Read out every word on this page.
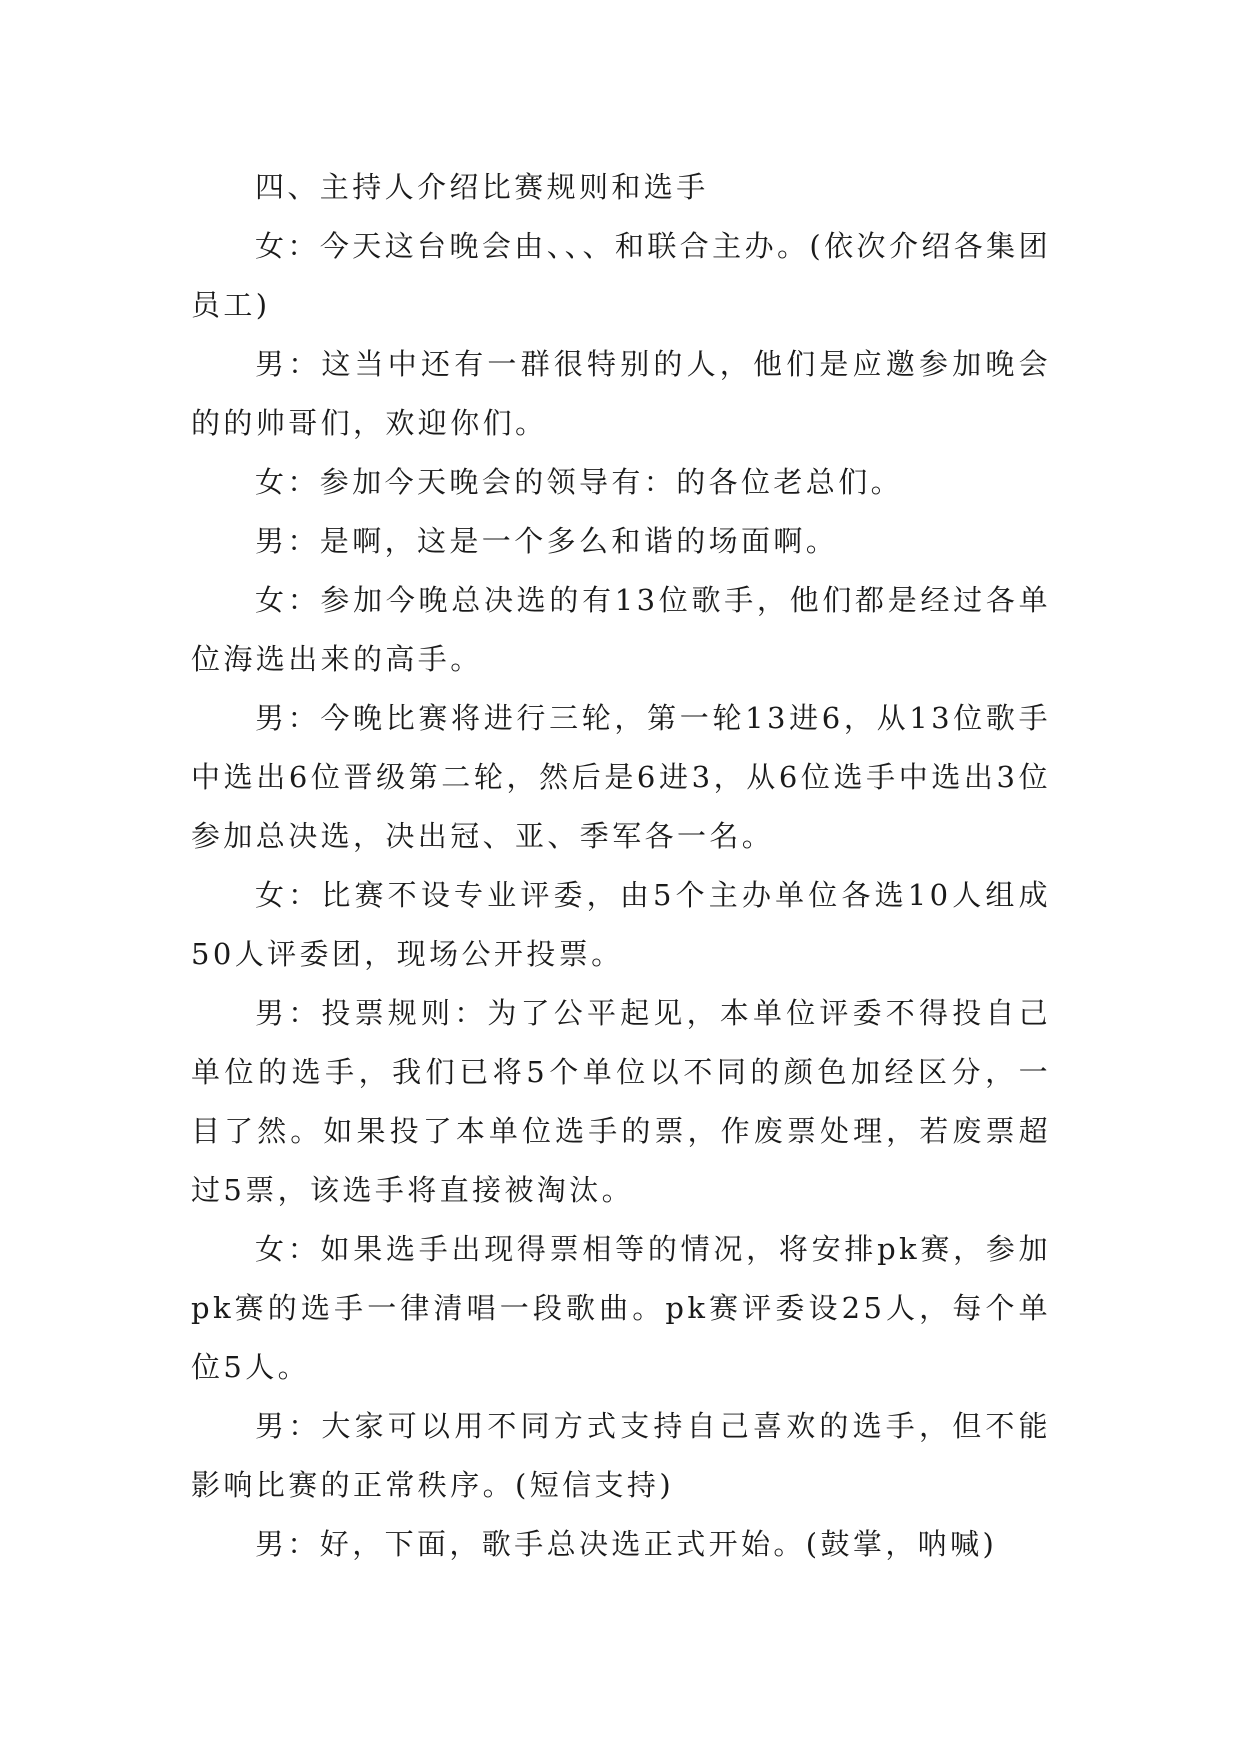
四、主持人介绍比赛规则和选手

女：今天这台晚会由、、、和联合主办。(依次介绍各集团员工)

男：这当中还有一群很特别的人，他们是应邀参加晚会的的帅哥们，欢迎你们。

女：参加今天晚会的领导有：的各位老总们。

男：是啊，这是一个多么和谐的场面啊。

女：参加今晚总决选的有13位歌手，他们都是经过各单位海选出来的高手。

男：今晚比赛将进行三轮，第一轮13进6，从13位歌手中选出6位晋级第二轮，然后是6进3，从6位选手中选出3位参加总决选，决出冠、亚、季军各一名。

女：比赛不设专业评委，由5个主办单位各选10人组成50人评委团，现场公开投票。

男：投票规则：为了公平起见，本单位评委不得投自己单位的选手，我们已将5个单位以不同的颜色加经区分，一目了然。如果投了本单位选手的票，作废票处理，若废票超过5票，该选手将直接被淘汰。

女：如果选手出现得票相等的情况，将安排pk赛，参加pk赛的选手一律清唱一段歌曲。pk赛评委设25人，每个单位5人。

男：大家可以用不同方式支持自己喜欢的选手，但不能影响比赛的正常秩序。(短信支持)

男：好，下面，歌手总决选正式开始。(鼓掌，呐喊)
